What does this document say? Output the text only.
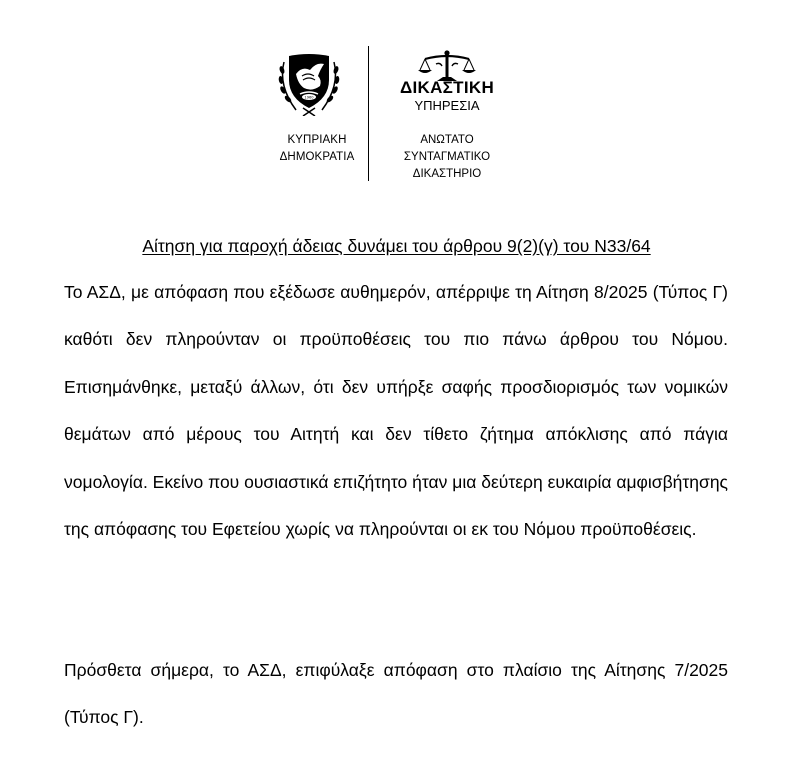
1960
ΚΥΠΡΙΑΚΗ
ΔΗΜΟΚΡΑΤΙΑ
ΔΙΚΑΣΤΙΚΗ
ΥΠΗΡΕΣΙΑ
ΑΝΩΤΑΤΟ
ΣΥΝΤΑΓΜΑΤΙΚΟ
ΔΙΚΑΣΤΗΡΙΟ
Αίτηση για παροχή άδειας δυνάμει του άρθρου 9(2)(γ) του Ν33/64

Το ΑΣΔ, με απόφαση που εξέδωσε αυθημερόν, απέρριψε τη Αίτηση 8/2025 (Τύπος Γ) καθότι δεν πληρούνταν οι προϋποθέσεις του πιο πάνω άρθρου του Νόμου. Επισημάνθηκε, μεταξύ άλλων, ότι δεν υπήρξε σαφής προσδιορισμός των νομικών θεμάτων από μέρους του Αιτητή και δεν τίθετο ζήτημα απόκλισης από πάγια νομολογία. Εκείνο που ουσιαστικά επιζήτητο ήταν μια δεύτερη ευκαιρία αμφισβήτησης της απόφασης του Εφετείου χωρίς να πληρούνται οι εκ του Νόμου προϋποθέσεις.

Πρόσθετα σήμερα, το ΑΣΔ, επιφύλαξε απόφαση στο πλαίσιο της Αίτησης 7/2025 (Τύπος Γ).
